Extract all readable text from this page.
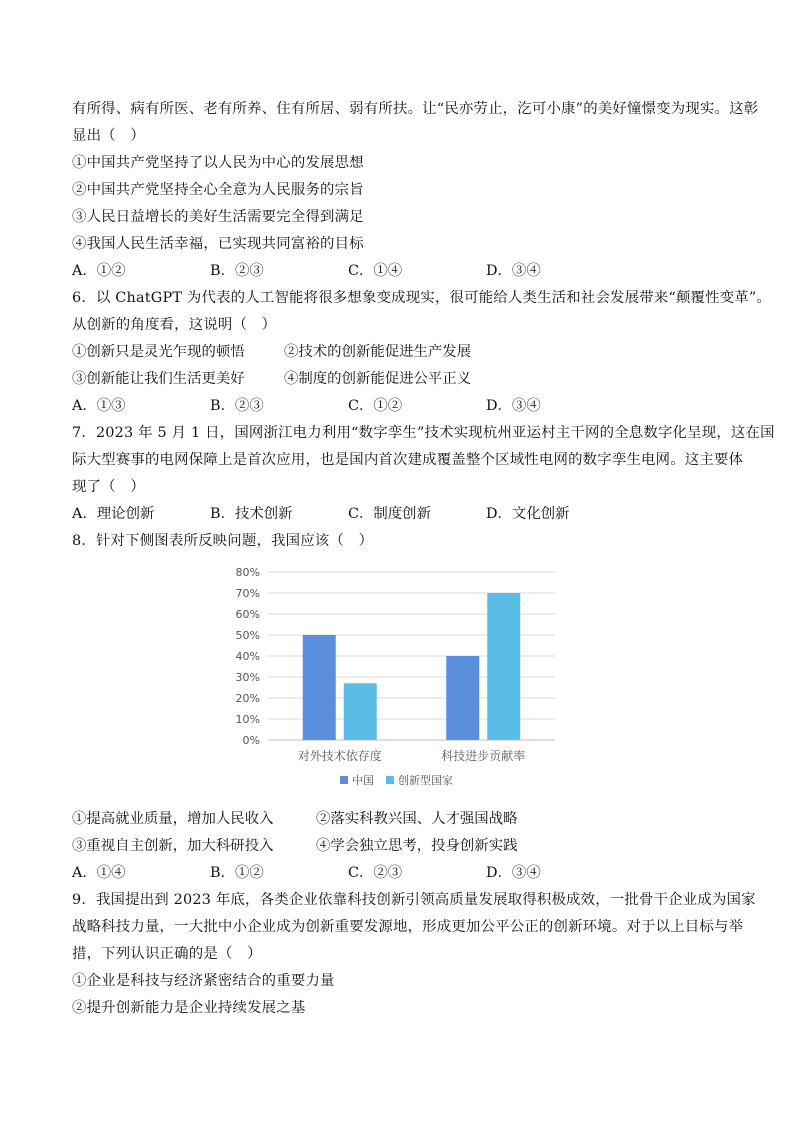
有所得、病有所医、老有所养、住有所居、弱有所扶。让“民亦劳止，汔可小康”的美好憧憬变为现实。这彰
显出（　）
①中国共产党坚持了以人民为中心的发展思想
②中国共产党坚持全心全意为人民服务的宗旨
③人民日益增长的美好生活需要完全得到满足
④我国人民生活幸福，已实现共同富裕的目标
A．①②	B．②③	C．①④	D．③④
6．以 ChatGPT 为代表的人工智能将很多想象变成现实，很可能给人类生活和社会发展带来“颠覆性变革”。
从创新的角度看，这说明（　）
①创新只是灵光乍现的顿悟	②技术的创新能促进生产发展
③创新能让我们生活更美好	④制度的创新能促进公平正义
A．①③	B．②③	C．①②	D．③④
7．2023 年 5 月 1 日，国网浙江电力利用“数字孪生”技术实现杭州亚运村主干网的全息数字化呈现，这在国
际大型赛事的电网保障上是首次应用，也是国内首次建成覆盖整个区域性电网的数字孪生电网。这主要体
现了（　）
A．理论创新	B．技术创新	C．制度创新	D．文化创新
8．针对下侧图表所反映问题，我国应该（　）
0%
10%
20%
30%
40%
50%
60%
70%
80%
对外技术依存度	科技进步贡献率
中国 创新型国家
①提高就业质量，增加人民收入	②落实科教兴国、人才强国战略
③重视自主创新，加大科研投入	④学会独立思考，投身创新实践
A．①④	B．①②	C．②③	D．③④
9．我国提出到 2023 年底，各类企业依靠科技创新引领高质量发展取得积极成效，一批骨干企业成为国家
战略科技力量，一大批中小企业成为创新重要发源地，形成更加公平公正的创新环境。对于以上目标与举
措，下列认识正确的是（　）
①企业是科技与经济紧密结合的重要力量
②提升创新能力是企业持续发展之基
